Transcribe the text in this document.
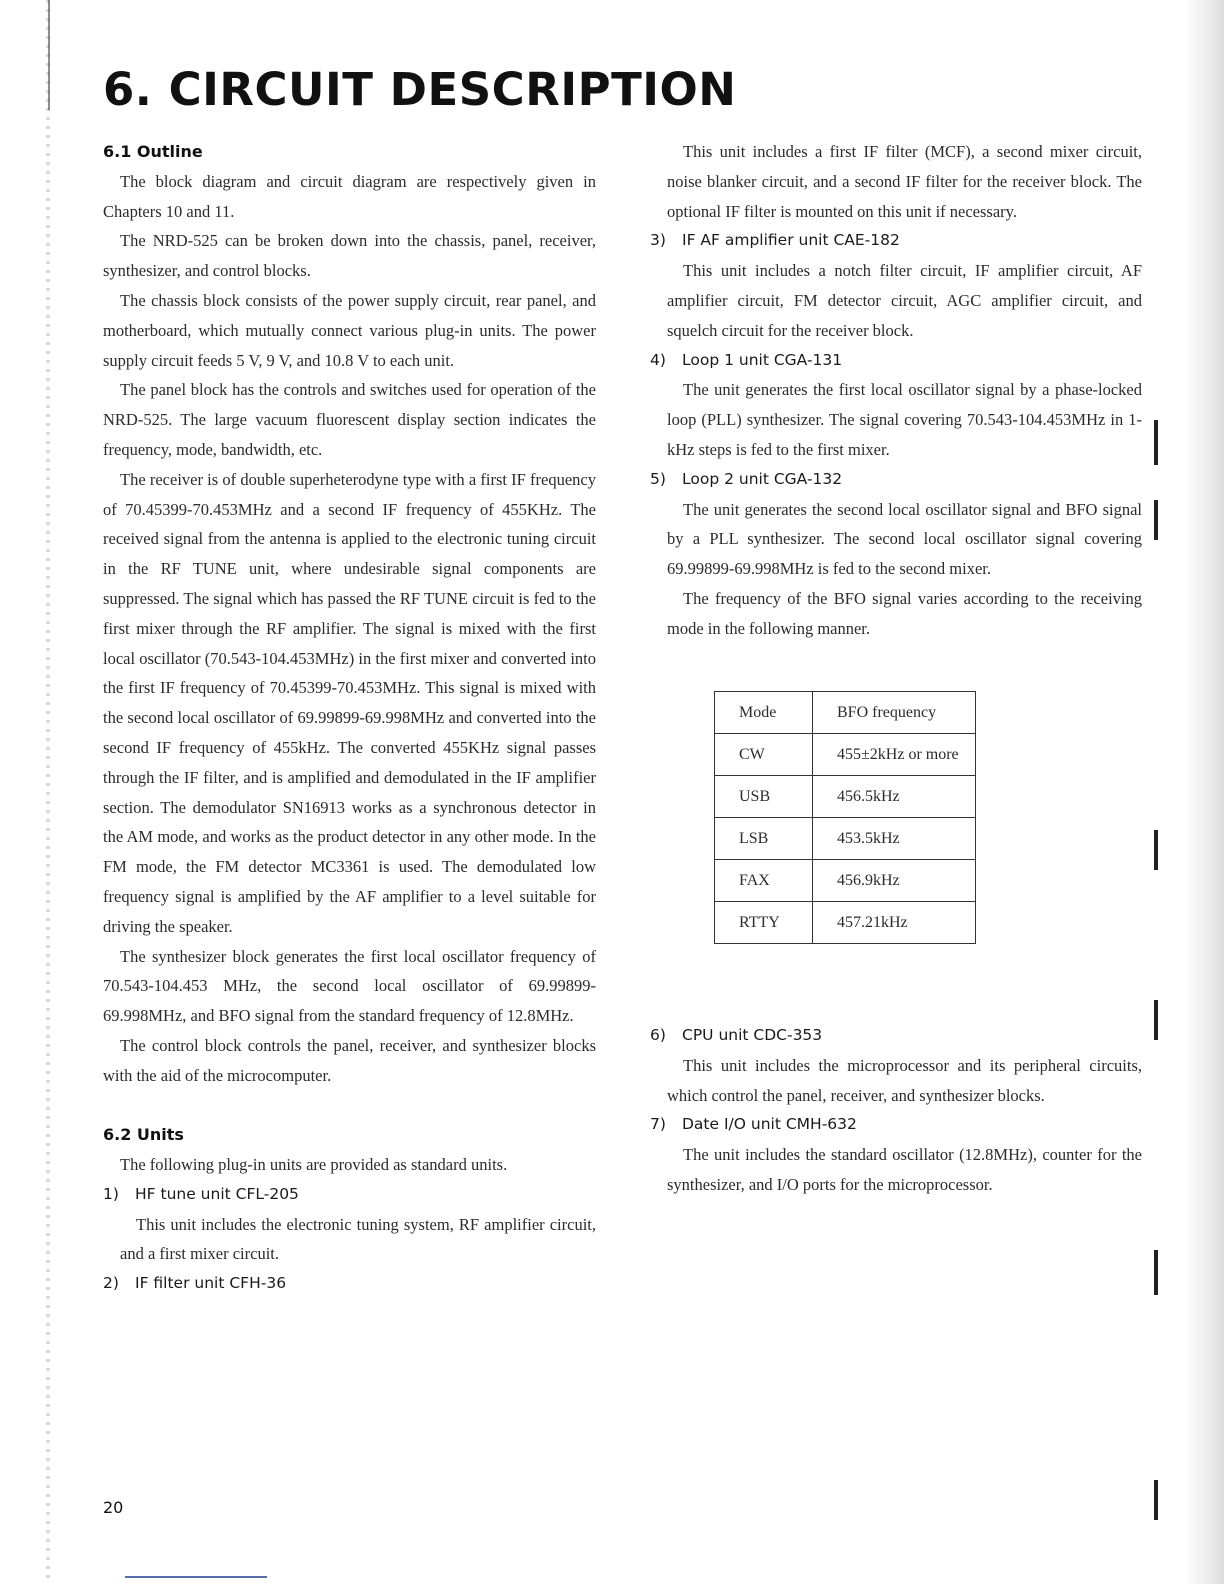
6. CIRCUIT DESCRIPTION
6.1 Outline

The block diagram and circuit diagram are respectively given in Chapters 10 and 11.

The NRD-525 can be broken down into the chassis, panel, receiver, synthesizer, and control blocks.

The chassis block consists of the power supply circuit, rear panel, and motherboard, which mutually connect various plug-in units. The power supply circuit feeds 5 V, 9 V, and 10.8 V to each unit.

The panel block has the controls and switches used for operation of the NRD-525. The large vacuum fluorescent display section indicates the frequency, mode, bandwidth, etc.

The receiver is of double superheterodyne type with a first IF frequency of 70.45399-70.453MHz and a second IF frequency of 455KHz. The received signal from the antenna is applied to the electronic tuning circuit in the RF TUNE unit, where undesirable signal components are suppressed. The signal which has passed the RF TUNE circuit is fed to the first mixer through the RF amplifier. The signal is mixed with the first local oscillator (70.543-104.453MHz) in the first mixer and converted into the first IF frequency of 70.45399-70.453MHz. This signal is mixed with the second local oscillator of 69.99899-69.998MHz and converted into the second IF frequency of 455kHz. The converted 455KHz signal passes through the IF filter, and is amplified and demodulated in the IF amplifier section. The demodulator SN16913 works as a synchronous detector in the AM mode, and works as the product detector in any other mode. In the FM mode, the FM detector MC3361 is used. The demodulated low frequency signal is amplified by the AF amplifier to a level suitable for driving the speaker.

The synthesizer block generates the first local oscillator frequency of 70.543-104.453 MHz, the second local oscillator of 69.99899-69.998MHz, and BFO signal from the standard frequency of 12.8MHz.

The control block controls the panel, receiver, and synthesizer blocks with the aid of the microcomputer.

6.2 Units

The following plug-in units are provided as standard units.

1) HF tune unit CFL-205

This unit includes the electronic tuning system, RF amplifier circuit, and a first mixer circuit.

2) IF filter unit CFH-36

This unit includes a first IF filter (MCF), a second mixer circuit, noise blanker circuit, and a second IF filter for the receiver block. The optional IF filter is mounted on this unit if necessary.

3) IF AF amplifier unit CAE-182

This unit includes a notch filter circuit, IF amplifier circuit, AF amplifier circuit, FM detector circuit, AGC amplifier circuit, and squelch circuit for the receiver block.

4) Loop 1 unit CGA-131

The unit generates the first local oscillator signal by a phase-locked loop (PLL) synthesizer. The signal covering 70.543-104.453MHz in 1-kHz steps is fed to the first mixer.

5) Loop 2 unit CGA-132

The unit generates the second local oscillator signal and BFO signal by a PLL synthesizer. The second local oscillator signal covering 69.99899-69.998MHz is fed to the second mixer.

The frequency of the BFO signal varies according to the receiving mode in the following manner.

Mode	BFO frequency
CW	455±2kHz or more
USB	456.5kHz
LSB	453.5kHz
FAX	456.9kHz
RTTY	457.21kHz

6) CPU unit CDC-353

This unit includes the microprocessor and its peripheral circuits, which control the panel, receiver, and synthesizer blocks.

7) Date I/O unit CMH-632

The unit includes the standard oscillator (12.8MHz), counter for the synthesizer, and I/O ports for the microprocessor.

20
